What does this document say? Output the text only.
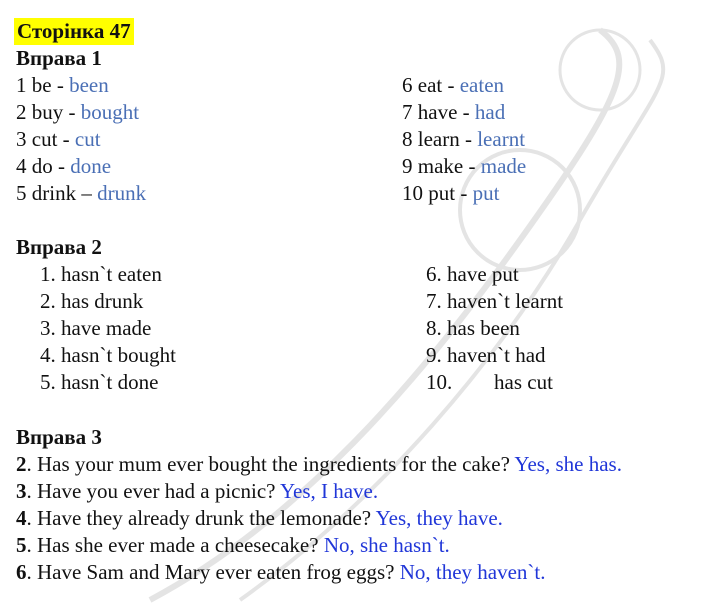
Сторінка 47
Вправа 1
1 be - been
2 buy - bought
3 cut - cut
4 do - done
5 drink – drunk
6 eat - eaten
7 have - had
8 learn - learnt
9 make - made
10 put - put
Вправа 2
1. hasn`t eaten
2. has drunk
3. have made
4. hasn`t bought
5. hasn`t done
6. have put
7. haven`t learnt
8. has been
9. haven`t had
10. has cut
Вправа 3
2. Has your mum ever bought the ingredients for the cake? Yes, she has.
3. Have you ever had a picnic? Yes, I have.
4. Have they already drunk the lemonade? Yes, they have.
5. Has she ever made a cheesecake? No, she hasn`t.
6. Have Sam and Mary ever eaten frog eggs? No, they haven`t.
